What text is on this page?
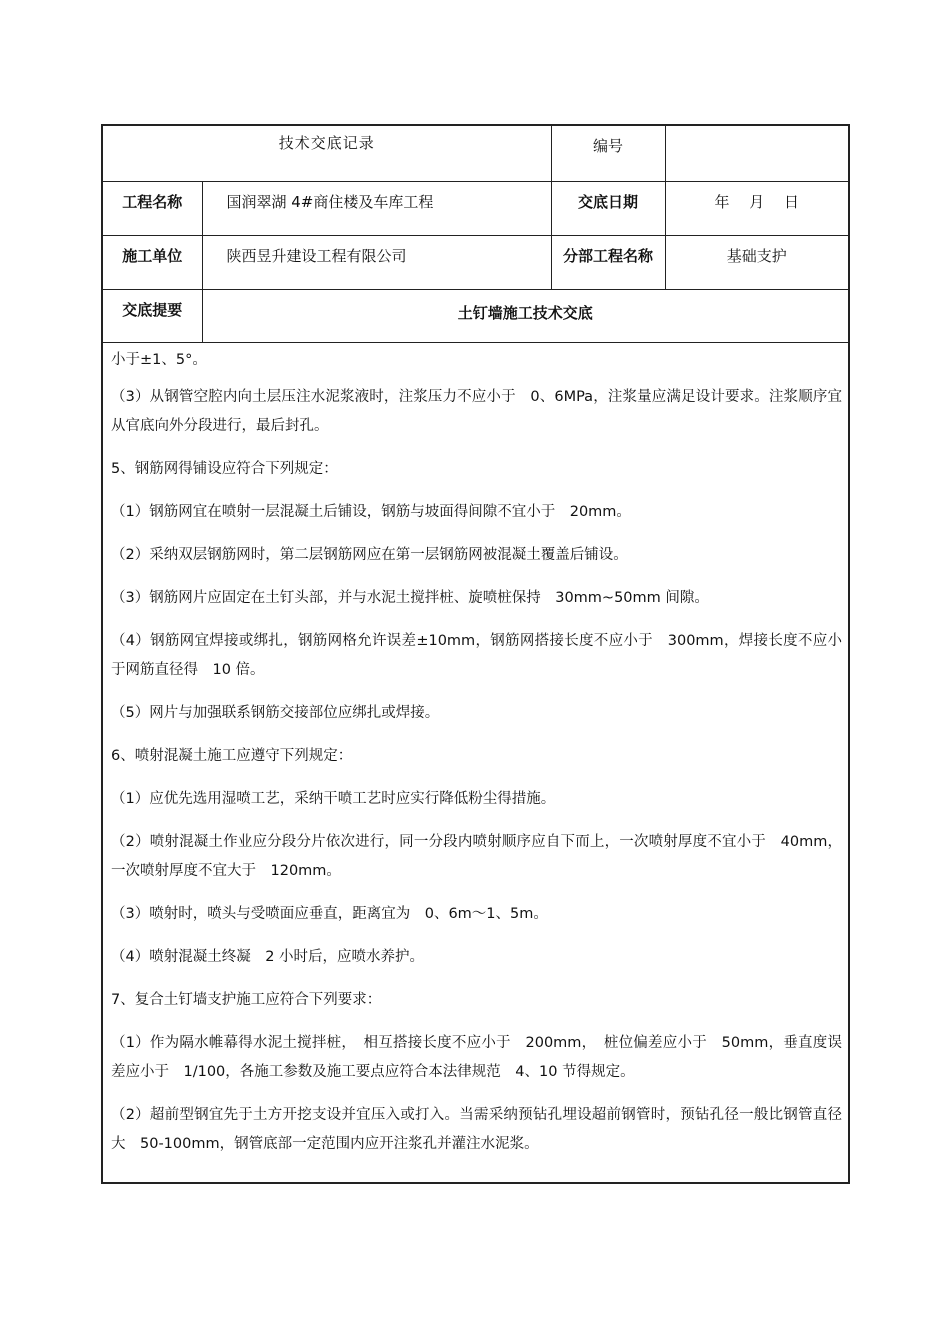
技术交底记录		编号	
工程名称	国润翠湖 4#商住楼及车库工程	交底日期	年　 月　 日
施工单位	陕西昱升建设工程有限公司	分部工程名称	基础支护
交底提要	土钉墙施工技术交底		

小于±1、5°。

（3）从钢管空腔内向土层压注水泥浆液时，注浆压力不应小于　0、6MPa，注浆量应满足设计要求。注浆顺序宜从官底向外分段进行，最后封孔。

5、钢筋网得铺设应符合下列规定：

（1）钢筋网宜在喷射一层混凝土后铺设，钢筋与坡面得间隙不宜小于　20mm。

（2）采纳双层钢筋网时，第二层钢筋网应在第一层钢筋网被混凝土覆盖后铺设。

（3）钢筋网片应固定在土钉头部，并与水泥土搅拌桩、旋喷桩保持　30mm~50mm 间隙。

（4）钢筋网宜焊接或绑扎，钢筋网格允许误差±10mm，钢筋网搭接长度不应小于　300mm，焊接长度不应小于网筋直径得　10 倍。

（5）网片与加强联系钢筋交接部位应绑扎或焊接。

6、喷射混凝土施工应遵守下列规定：

（1）应优先选用湿喷工艺，采纳干喷工艺时应实行降低粉尘得措施。

（2）喷射混凝土作业应分段分片依次进行，同一分段内喷射顺序应自下而上，一次喷射厚度不宜小于　40mm，一次喷射厚度不宜大于　120mm。

（3）喷射时，喷头与受喷面应垂直，距离宜为　0、6m～1、5m。

（4）喷射混凝土终凝　2 小时后，应喷水养护。

7、复合土钉墙支护施工应符合下列要求：

（1）作为隔水帷幕得水泥土搅拌桩，　相互搭接长度不应小于　200mm，　桩位偏差应小于　50mm，垂直度误差应小于　1/100，各施工参数及施工要点应符合本法律规范　4、10 节得规定。

（2）超前型钢宜先于土方开挖支设并宜压入或打入。当需采纳预钻孔埋设超前钢管时，预钻孔径一般比钢管直径大　50-100mm，钢管底部一定范围内应开注浆孔并灌注水泥浆。
